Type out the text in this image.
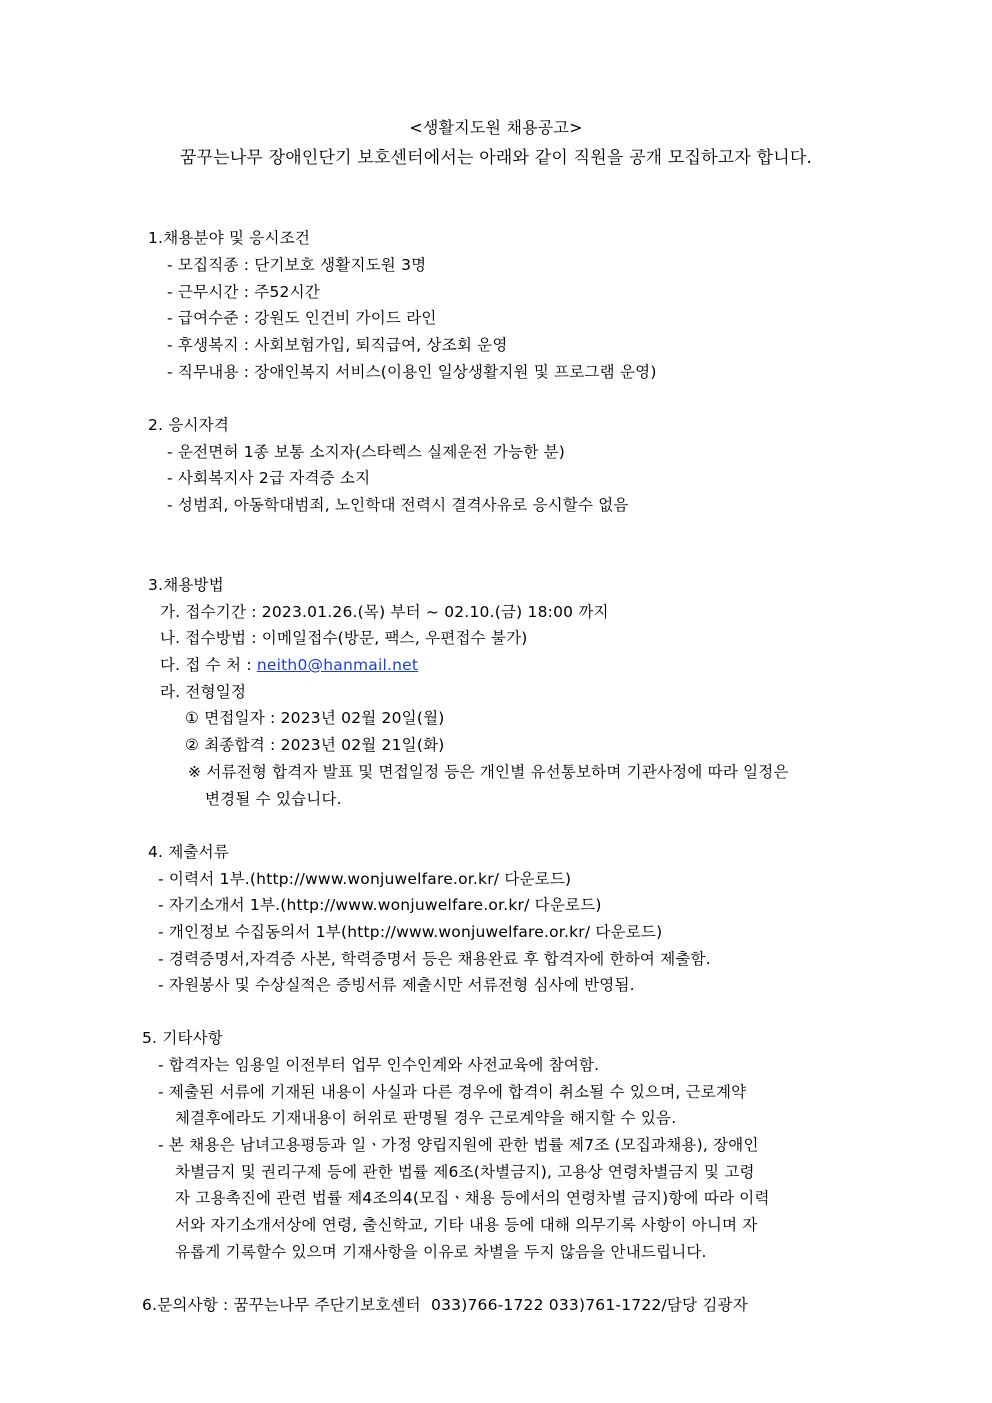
<생활지도원 채용공고>
꿈꾸는나무 장애인단기 보호센터에서는 아래와 같이 직원을 공개 모집하고자 합니다.
1.채용분야 및 응시조건
- 모집직종 : 단기보호 생활지도원 3명
- 근무시간 : 주52시간
- 급여수준 : 강원도 인건비 가이드 라인
- 후생복지 : 사회보험가입, 퇴직급여, 상조회 운영
- 직무내용 : 장애인복지 서비스(이용인 일상생활지원 및 프로그램 운영)
2. 응시자격
- 운전면허 1종 보통 소지자(스타렉스 실제운전 가능한 분)
- 사회복지사 2급 자격증 소지
- 성범죄, 아동학대범죄, 노인학대 전력시 결격사유로 응시할수 없음
3.채용방법
가. 접수기간 : 2023.01.26.(목) 부터 ~ 02.10.(금) 18:00 까지
나. 접수방법 : 이메일접수(방문, 팩스, 우편접수 불가)
다. 접 수 처 : neith0@hanmail.net
라. 전형일정
① 면접일자 : 2023년 02월 20일(월)
② 최종합격 : 2023년 02월 21일(화)
※ 서류전형 합격자 발표 및 면접일정 등은 개인별 유선통보하며 기관사정에 따라 일정은
변경될 수 있습니다.
4. 제출서류
- 이력서 1부.(http://www.wonjuwelfare.or.kr/ 다운로드)
- 자기소개서 1부.(http://www.wonjuwelfare.or.kr/ 다운로드)
- 개인정보 수집동의서 1부(http://www.wonjuwelfare.or.kr/ 다운로드)
- 경력증명서,자격증 사본, 학력증명서 등은 채용완료 후 합격자에 한하여 제출함.
- 자원봉사 및 수상실적은 증빙서류 제출시만 서류전형 심사에 반영됨.
5. 기타사항
- 합격자는 임용일 이전부터 업무 인수인계와 사전교육에 참여함.
- 제출된 서류에 기재된 내용이 사실과 다른 경우에 합격이 취소될 수 있으며, 근로계약
체결후에라도 기재내용이 허위로 판명될 경우 근로계약을 해지할 수 있음.
- 본 채용은 남녀고용평등과 일ㆍ가정 양립지원에 관한 법률 제7조 (모집과채용), 장애인
차별금지 및 권리구제 등에 관한 법률 제6조(차별금지), 고용상 연령차별금지 및 고령
자 고용촉진에 관련 법률 제4조의4(모집ㆍ채용 등에서의 연령차별 금지)항에 따라 이력
서와 자기소개서상에 연령, 출신학교, 기타 내용 등에 대해 의무기록 사항이 아니며 자
유롭게 기록할수 있으며 기재사항을 이유로 차별을 두지 않음을 안내드립니다.
6.문의사항 : 꿈꾸는나무 주단기보호센터  033)766-1722 033)761-1722/담당 김광자
